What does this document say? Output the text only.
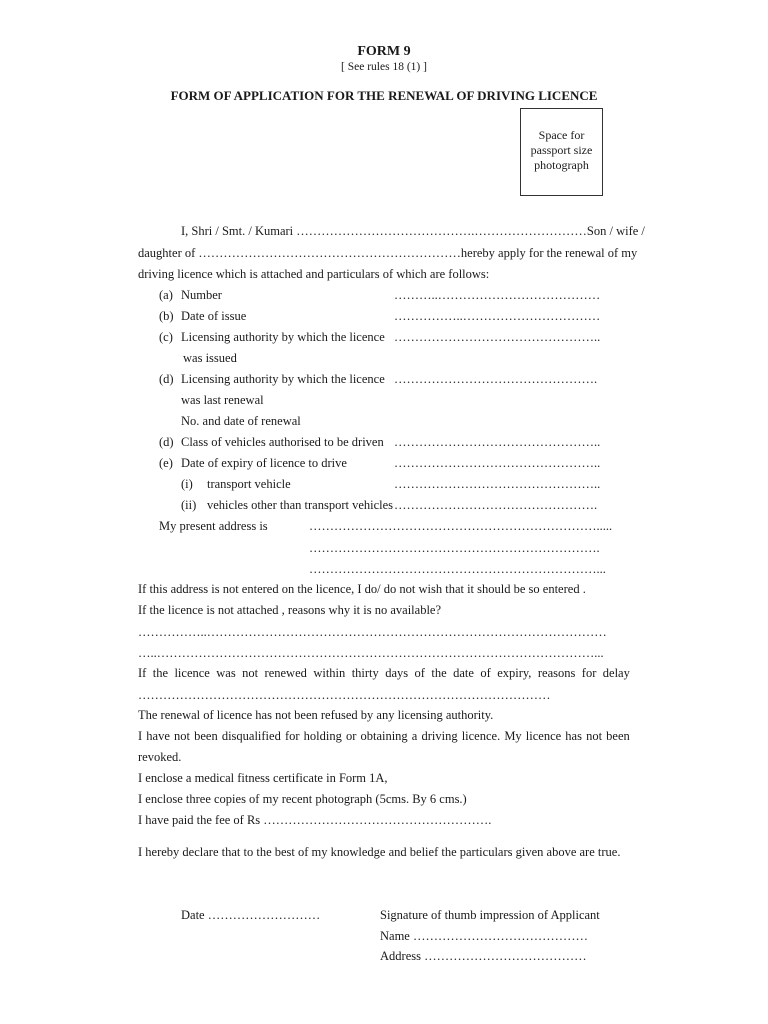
FORM 9
[ See rules 18 (1) ]
FORM OF APPLICATION FOR THE RENEWAL OF DRIVING LICENCE
Space for
passport size
photograph
I, Shri / Smt. / Kumari …………………………………….……………………… Son / wife /
daughter of ……………………………………………………… hereby apply for the renewal of my
driving licence which is attached and particulars of which are follows:
(a) Number	………..…………………………………
(b) Date of issue	……………..……………………………
(c) Licensing authority by which the licence …………………………………………..
was issued
(d) Licensing authority by which the licence ………………………………………….
was last renewal
No. and date of renewal
(d) Class of vehicles authorised to be driven …………………………………………..
(e) Date of expiry of licence to drive	…………………………………………..
(i) transport vehicle	…………………………………………..
(ii) vehicles other than transport vehicles ………………………………………….
My present address is	…………………………………………………………….....
…………………………………………………………….
……………………………………………………………...
If this address is not entered on the licence, I do/ do not wish that it should be so entered .
If the licence is not attached , reasons why it is no available?
……………..……………………………………………………………………………………
…..……………………………………………………………………………………………...
If the licence was not renewed within thirty days of the date of expiry, reasons for delay
………………………………………………………………………………………
The renewal of licence has not been refused by any licensing authority.
I have not been disqualified for holding or obtaining a driving licence. My licence has not been
revoked.
I enclose a medical fitness certificate in Form 1A,
I enclose three copies of my recent photograph (5cms. By 6 cms.)
I have paid the fee of Rs ……………………………………………….
I hereby declare that to the best of my knowledge and belief the particulars given above are true.
Date ………………………	Signature of thumb impression of Applicant
Name ……………………………………
Address …………………………………
